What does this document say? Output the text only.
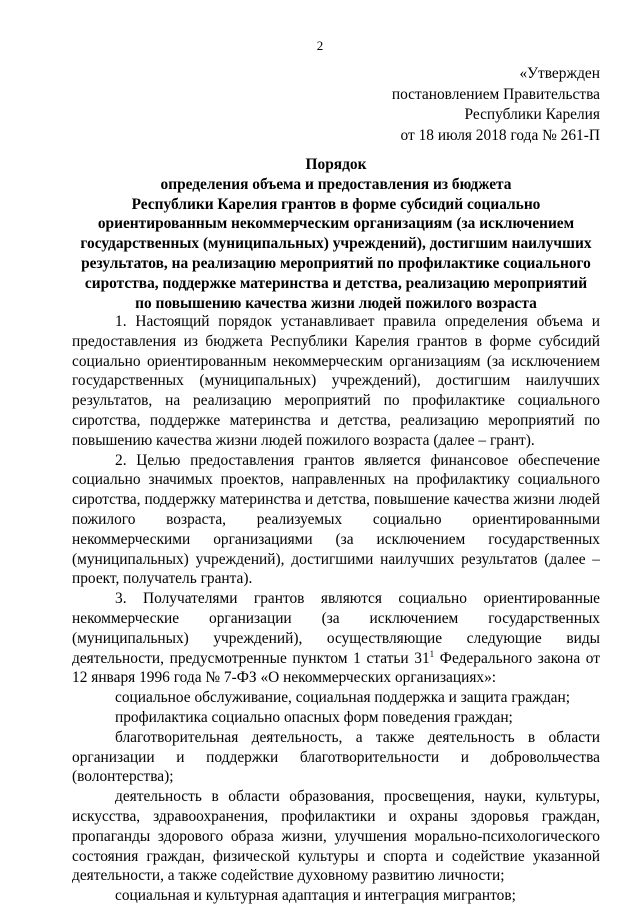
2
«Утвержден
постановлением Правительства
Республики Карелия
от 18 июля 2018 года № 261-П
Порядок
определения объема и предоставления из бюджета
Республики Карелия грантов в форме субсидий социально
ориентированным некоммерческим организациям (за исключением
государственных (муниципальных) учреждений), достигшим наилучших
результатов, на реализацию мероприятий по профилактике социального
сиротства, поддержке материнства и детства, реализацию мероприятий
по повышению качества жизни людей пожилого возраста

1. Настоящий порядок устанавливает правила определения объема и предоставления из бюджета Республики Карелия грантов в форме субсидий социально ориентированным некоммерческим организациям (за исключением государственных (муниципальных) учреждений), достигшим наилучших результатов, на реализацию мероприятий по профилактике социального сиротства, поддержке материнства и детства, реализацию мероприятий по повышению качества жизни людей пожилого возраста (далее – грант).

2. Целью предоставления грантов является финансовое обеспечение социально значимых проектов, направленных на профилактику социального сиротства, поддержку материнства и детства, повышение качества жизни людей пожилого возраста, реализуемых социально ориентированными некоммерческими организациями (за исключением государственных (муниципальных) учреждений), достигшими наилучших результатов (далее – проект, получатель гранта).

3. Получателями грантов являются социально ориентированные некоммерческие организации (за исключением государственных (муниципальных) учреждений), осуществляющие следующие виды деятельности, предусмотренные пунктом 1 статьи 31$^1$ Федерального закона от 12 января 1996 года № 7-ФЗ «О некоммерческих организациях»:

социальное обслуживание, социальная поддержка и защита граждан;

профилактика социально опасных форм поведения граждан;

благотворительная деятельность, а также деятельность в области организации и поддержки благотворительности и добровольчества (волонтерства);

деятельность в области образования, просвещения, науки, культуры, искусства, здравоохранения, профилактики и охраны здоровья граждан, пропаганды здорового образа жизни, улучшения морально-психологического состояния граждан, физической культуры и спорта и содействие указанной деятельности, а также содействие духовному развитию личности;

социальная и культурная адаптация и интеграция мигрантов;
